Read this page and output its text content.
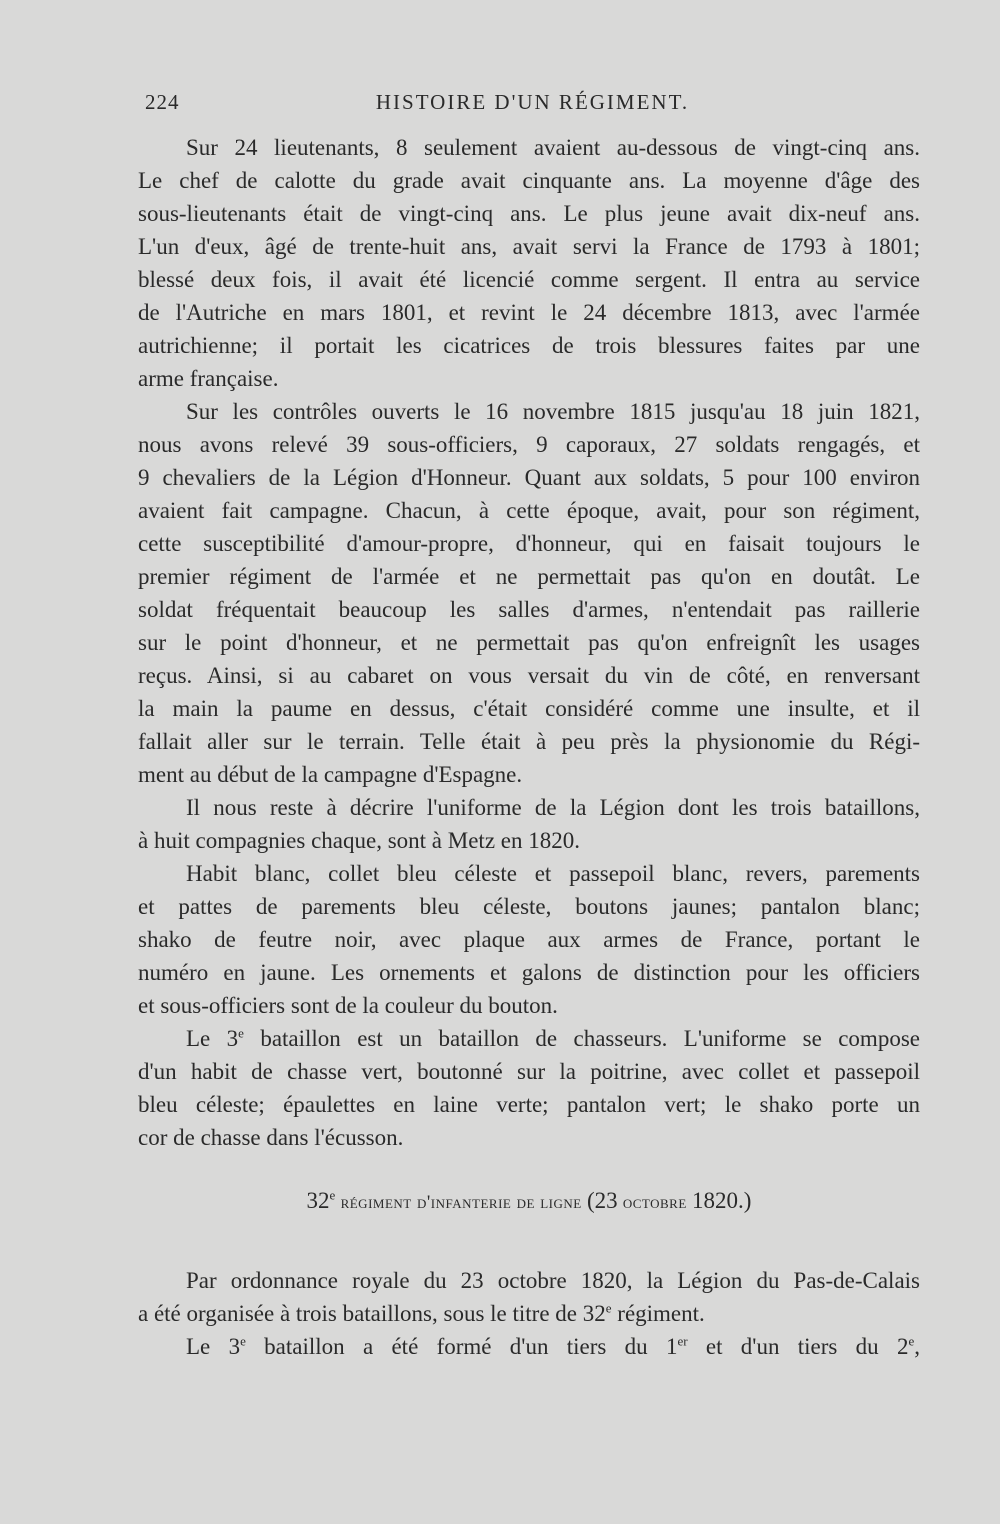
224	HISTOIRE D'UN RÉGIMENT.
Sur 24 lieutenants, 8 seulement avaient au-dessous de vingt-cinq ans.
Le chef de calotte du grade avait cinquante ans. La moyenne d'âge des
sous-lieutenants était de vingt-cinq ans. Le plus jeune avait dix-neuf ans.
L'un d'eux, âgé de trente-huit ans, avait servi la France de 1793 à 1801;
blessé deux fois, il avait été licencié comme sergent. Il entra au service
de l'Autriche en mars 1801, et revint le 24 décembre 1813, avec l'armée
autrichienne; il portait les cicatrices de trois blessures faites par une
arme française.
Sur les contrôles ouverts le 16 novembre 1815 jusqu'au 18 juin 1821,
nous avons relevé 39 sous-officiers, 9 caporaux, 27 soldats rengagés, et
9 chevaliers de la Légion d'Honneur. Quant aux soldats, 5 pour 100 environ
avaient fait campagne. Chacun, à cette époque, avait, pour son régiment,
cette susceptibilité d'amour-propre, d'honneur, qui en faisait toujours le
premier régiment de l'armée et ne permettait pas qu'on en doutât. Le
soldat fréquentait beaucoup les salles d'armes, n'entendait pas raillerie
sur le point d'honneur, et ne permettait pas qu'on enfreignît les usages
reçus. Ainsi, si au cabaret on vous versait du vin de côté, en renversant
la main la paume en dessus, c'était considéré comme une insulte, et il
fallait aller sur le terrain. Telle était à peu près la physionomie du Régi-
ment au début de la campagne d'Espagne.
Il nous reste à décrire l'uniforme de la Légion dont les trois bataillons,
à huit compagnies chaque, sont à Metz en 1820.
Habit blanc, collet bleu céleste et passepoil blanc, revers, parements
et pattes de parements bleu céleste, boutons jaunes; pantalon blanc;
shako de feutre noir, avec plaque aux armes de France, portant le
numéro en jaune. Les ornements et galons de distinction pour les officiers
et sous-officiers sont de la couleur du bouton.
Le 3e bataillon est un bataillon de chasseurs. L'uniforme se compose
d'un habit de chasse vert, boutonné sur la poitrine, avec collet et passepoil
bleu céleste; épaulettes en laine verte; pantalon vert; le shako porte un
cor de chasse dans l'écusson.
32e régiment d'infanterie de ligne (23 octobre 1820.)
Par ordonnance royale du 23 octobre 1820, la Légion du Pas-de-Calais
a été organisée à trois bataillons, sous le titre de 32e régiment.
Le 3e bataillon a été formé d'un tiers du 1er et d'un tiers du 2e,
